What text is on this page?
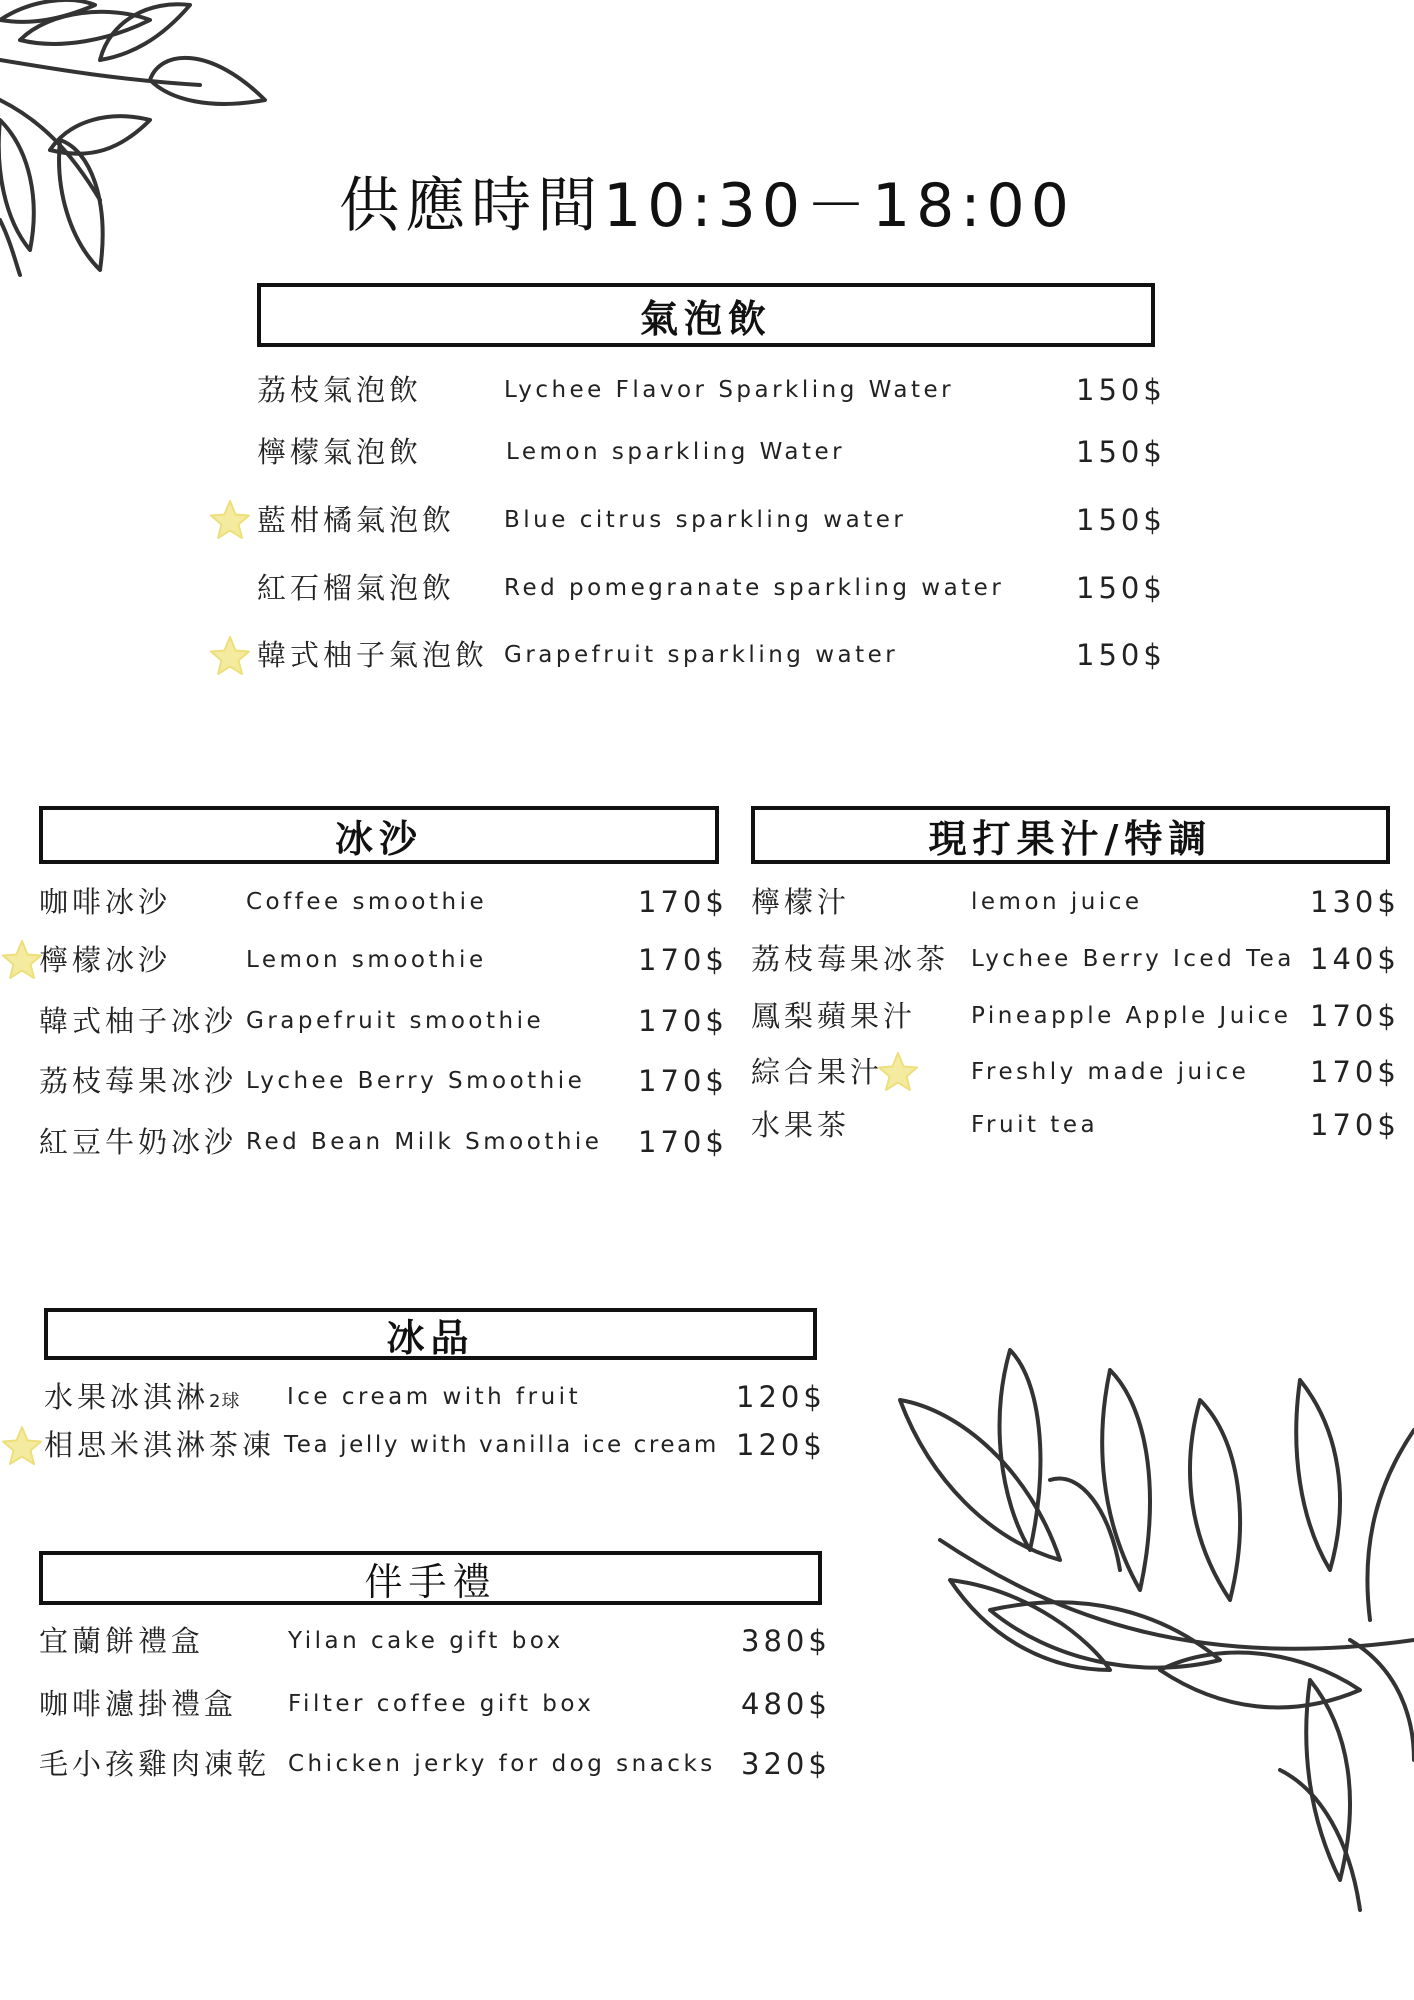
供應時間10:30－18:00
氣泡飲
荔枝氣泡飲	Lychee Flavor Sparkling Water	150$
檸檬氣泡飲	Lemon sparkling Water	150$
藍柑橘氣泡飲 Blue citrus sparkling water	150$
紅石榴氣泡飲 Red pomegranate sparkling water 150$
韓式柚子氣泡飲 Grapefruit sparkling water	150$
冰沙
咖啡冰沙	Coffee smoothie	170$
檸檬冰沙	Lemon smoothie	170$
韓式柚子冰沙 Grapefruit smoothie	170$
荔枝莓果冰沙 Lychee Berry Smoothie 170$
紅豆牛奶冰沙 Red Bean Milk Smoothie 170$
現打果汁/特調
檸檬汁	lemon juice	130$
荔枝莓果冰茶 Lychee Berry Iced Tea 140$
鳳梨蘋果汁 Pineapple Apple Juice 170$
綜合果汁	Freshly made juice 170$
水果茶	Fruit tea	170$
冰品
水果冰淇淋2球 Ice cream with fruit	120$
相思米淇淋茶凍 Tea jelly with vanilla ice cream 120$
伴手禮
宜蘭餅禮盒	Yilan cake gift box	380$
咖啡濾掛禮盒 Filter coffee gift box	480$
毛小孩雞肉凍乾 Chicken jerky for dog snacks 320$
